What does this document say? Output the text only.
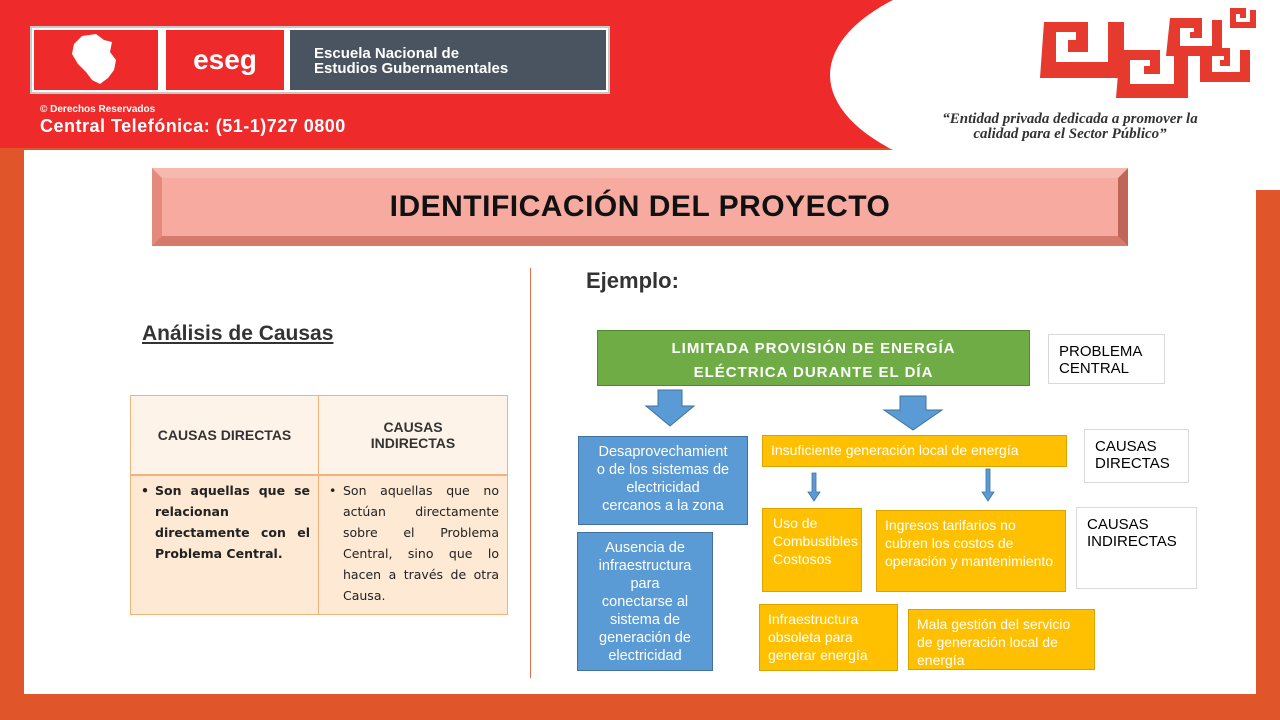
eseg	Escuela Nacional de
Estudios Gubernamentales
© Derechos Reservados
Central Telefónica: (51-1)727 0800	“Entidad privada dedicada a promover la
calidad para el Sector Público”
IDENTIFICACIÓN DEL PROYECTO
Ejemplo:
Análisis de Causas
CAUSAS DIRECTAS	CAUSAS INDIRECTAS
• Son aquellas que se relacionan directamente con el Problema Central.
• Son aquellas que no actúan directamente sobre el Problema Central, sino que lo hacen a través de otra Causa.
LIMITADA PROVISIÓN DE ENERGÍA
ELÉCTRICA DURANTE EL DÍA
PROBLEMA CENTRAL
CAUSAS DIRECTAS
CAUSAS INDIRECTAS
Desaprovechamient
o de los sistemas de
electricidad
cercanos a la zona
Ausencia de
infraestructura
para
conectarse al
sistema de
generación de
electricidad
Insuficiente generación local de energía
Uso de Combustibles Costosos
Ingresos tarifarios no cubren los costos de operación y mantenimiento
Infraestructura obsoleta para generar energía
Mala gestión del servicio de generación local de energía
